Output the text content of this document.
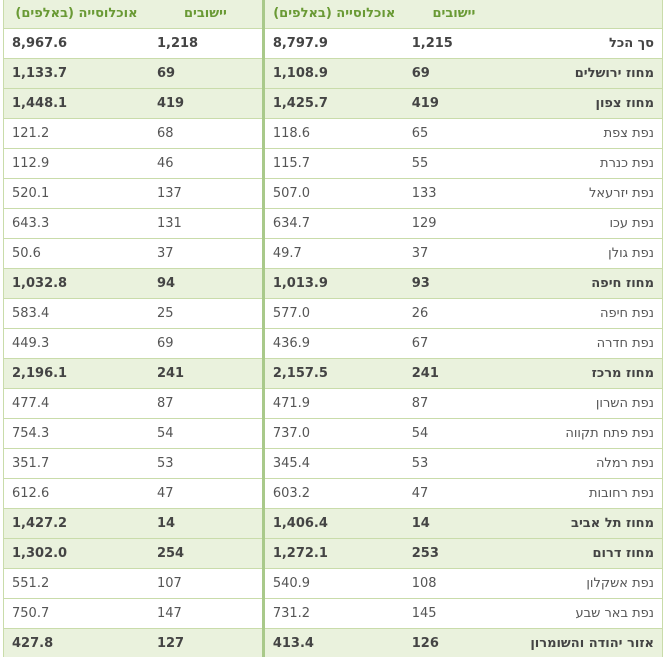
	יישובים	אוכלוסייה (באלפים)	יישובים	אוכלוסייה (באלפים)
סך הכל	1,215	8,797.9	1,218	8,967.6
מחוז ירושלים	69	1,108.9	69	1,133.7
מחוז צפון	419	1,425.7	419	1,448.1
נפת צפת	65	118.6	68	121.2
נפת כנרת	55	115.7	46	112.9
נפת יזרעאל	133	507.0	137	520.1
נפת עכו	129	634.7	131	643.3
נפת גולן	37	49.7	37	50.6
מחוז חיפה	93	1,013.9	94	1,032.8
נפת חיפה	26	577.0	25	583.4
נפת חדרה	67	436.9	69	449.3
מחוז מרכז	241	2,157.5	241	2,196.1
נפת השרון	87	471.9	87	477.4
נפת פתח תקווה	54	737.0	54	754.3
נפת רמלה	53	345.4	53	351.7
נפת רחובות	47	603.2	47	612.6
מחוז תל אביב	14	1,406.4	14	1,427.2
מחוז דרום	253	1,272.1	254	1,302.0
נפת אשקלון	108	540.9	107	551.2
נפת באר שבע	145	731.2	147	750.7
אזור יהודה והשומרון	126	413.4	127	427.8
